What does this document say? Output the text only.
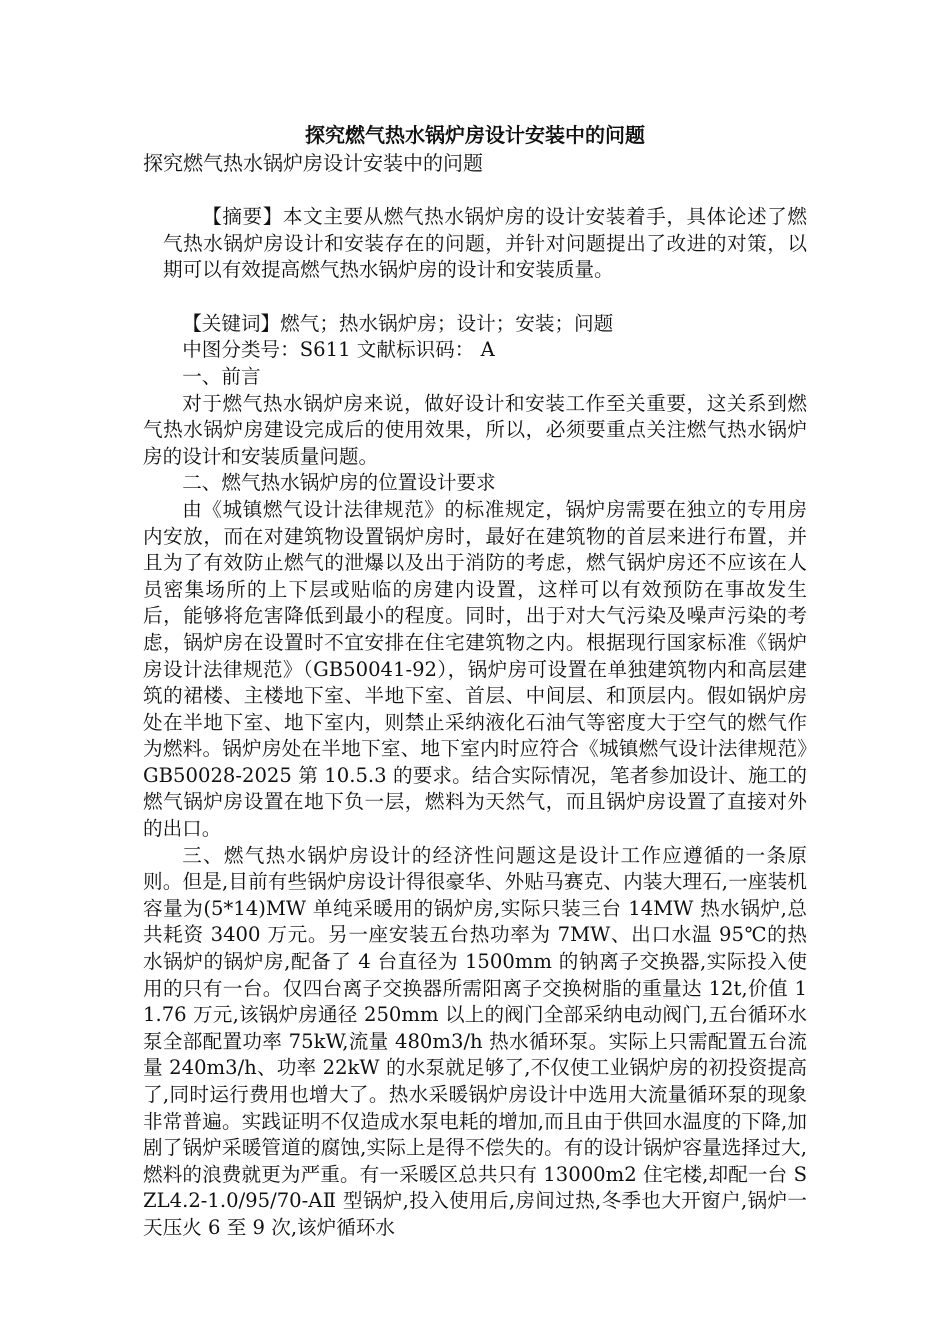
探究燃气热水锅炉房设计安装中的问题

探究燃气热水锅炉房设计安装中的问题

【摘要】本文主要从燃气热水锅炉房的设计安装着手，具体论述了燃气热水锅炉房设计和安装存在的问题，并针对问题提出了改进的对策，以期可以有效提高燃气热水锅炉房的设计和安装质量。

【关键词】燃气；热水锅炉房；设计；安装；问题

中图分类号：S611 文献标识码： A

一、前言

对于燃气热水锅炉房来说，做好设计和安装工作至关重要，这关系到燃气热水锅炉房建设完成后的使用效果，所以，必须要重点关注燃气热水锅炉房的设计和安装质量问题。

二、燃气热水锅炉房的位置设计要求

由《城镇燃气设计法律规范》的标准规定，锅炉房需要在独立的专用房内安放，而在对建筑物设置锅炉房时，最好在建筑物的首层来进行布置，并且为了有效防止燃气的泄爆以及出于消防的考虑，燃气锅炉房还不应该在人员密集场所的上下层或贴临的房建内设置，这样可以有效预防在事故发生后，能够将危害降低到最小的程度。同时，出于对大气污染及噪声污染的考虑，锅炉房在设置时不宜安排在住宅建筑物之内。根据现行国家标准《锅炉房设计法律规范》（GB50041-92），锅炉房可设置在单独建筑物内和高层建筑的裙楼、主楼地下室、半地下室、首层、中间层、和顶层内。假如锅炉房处在半地下室、地下室内，则禁止采纳液化石油气等密度大于空气的燃气作为燃料。锅炉房处在半地下室、地下室内时应符合《城镇燃气设计法律规范》GB50028-2025 第 10.5.3 的要求。结合实际情况，笔者参加设计、施工的燃气锅炉房设置在地下负一层，燃料为天然气，而且锅炉房设置了直接对外的出口。

三、燃气热水锅炉房设计的经济性问题这是设计工作应遵循的一条原则。但是,目前有些锅炉房设计得很豪华、外贴马赛克、内装大理石,一座装机容量为(5*14)MW 单纯采暖用的锅炉房,实际只装三台 14MW 热水锅炉,总共耗资 3400 万元。另一座安装五台热功率为 7MW、出口水温 95℃的热水锅炉的锅炉房,配备了 4 台直径为 1500mm 的钠离子交换器,实际投入使用的只有一台。仅四台离子交换器所需阳离子交换树脂的重量达 12t,价值 11.76 万元,该锅炉房通径 250mm 以上的阀门全部采纳电动阀门,五台循环水泵全部配置功率 75kW,流量 480m3/h 热水循环泵。实际上只需配置五台流量 240m3/h、功率 22kW 的水泵就足够了,不仅使工业锅炉房的初投资提高了,同时运行费用也增大了。热水采暖锅炉房设计中选用大流量循环泵的现象非常普遍。实践证明不仅造成水泵电耗的增加,而且由于供回水温度的下降,加剧了锅炉采暖管道的腐蚀,实际上是得不偿失的。有的设计锅炉容量选择过大,燃料的浪费就更为严重。有一采暖区总共只有 13000m2 住宅楼,却配一台 SZL4.2-1.0/95/70-AⅡ 型锅炉,投入使用后,房间过热,冬季也大开窗户,锅炉一天压火 6 至 9 次,该炉循环水
